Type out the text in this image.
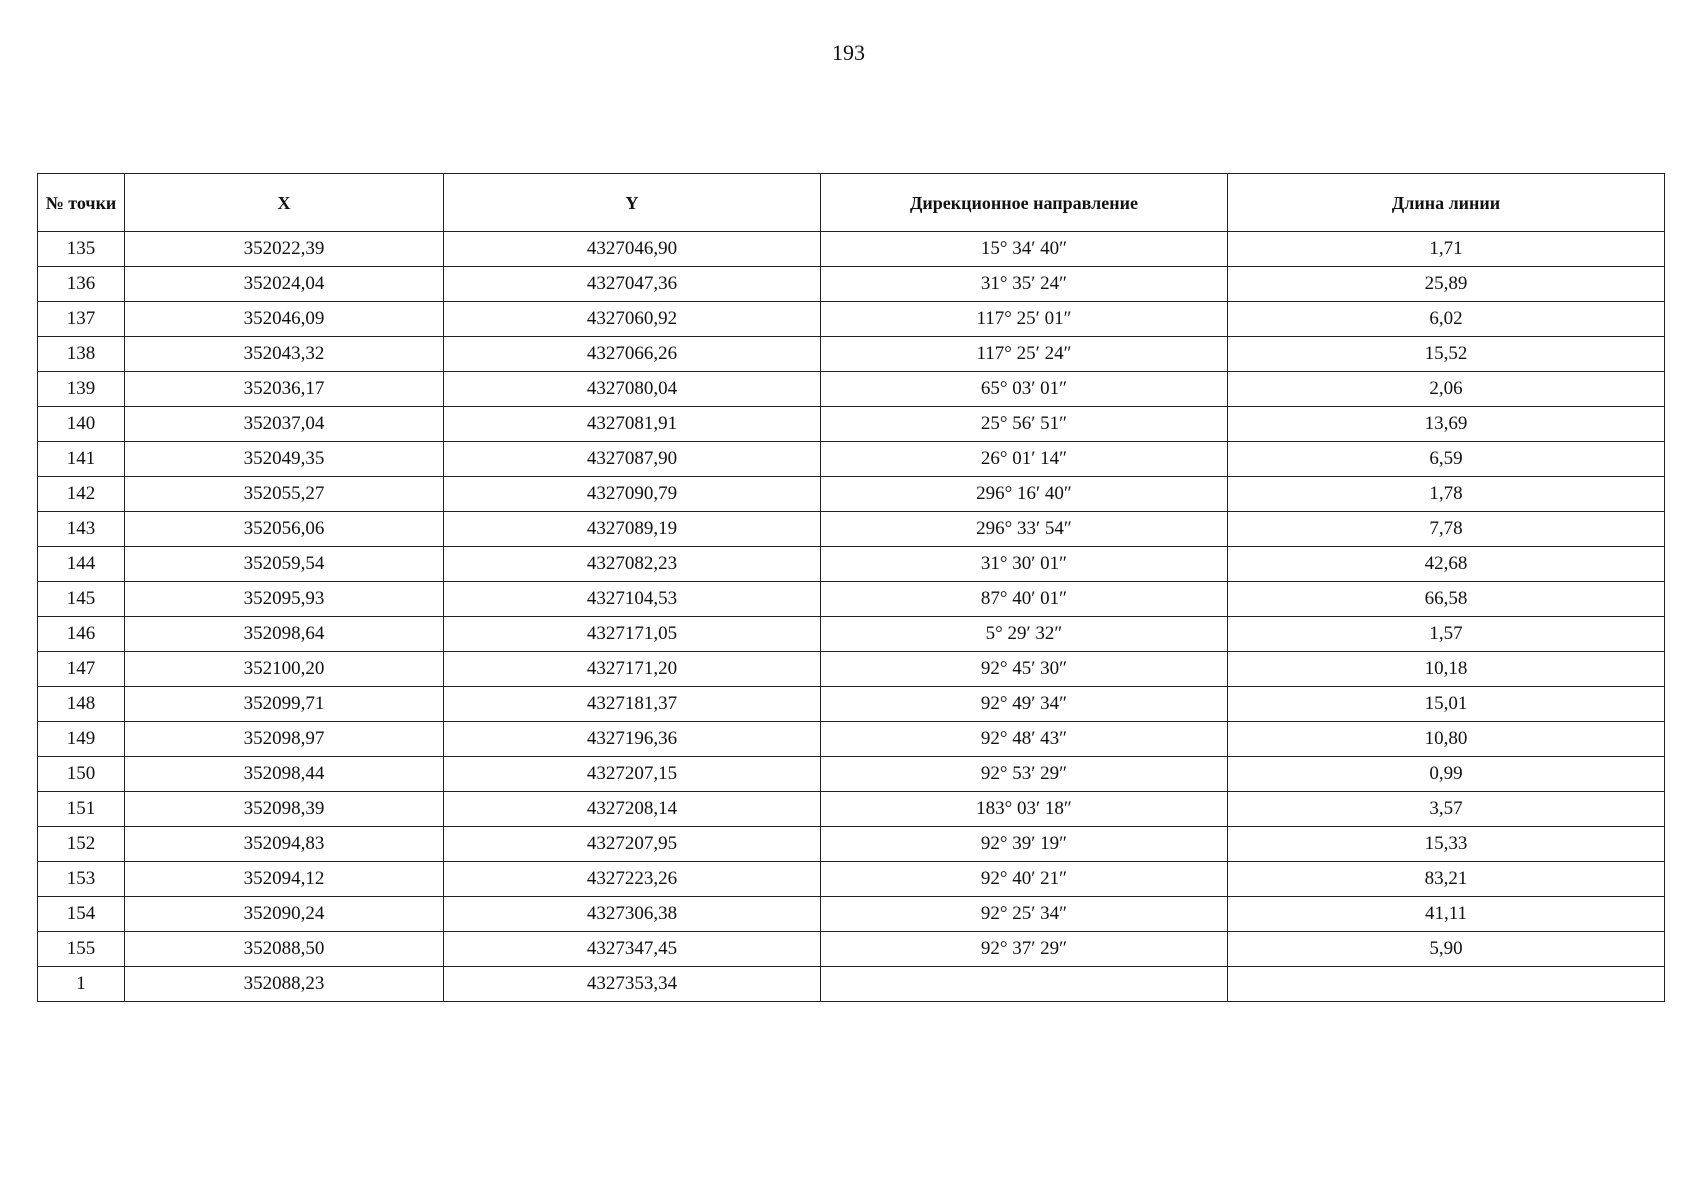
193
№ точки	X	Y	Дирекционное направление	Длина линии
135	352022,39	4327046,90	15° 34′ 40″	1,71
136	352024,04	4327047,36	31° 35′ 24″	25,89
137	352046,09	4327060,92	117° 25′ 01″	6,02
138	352043,32	4327066,26	117° 25′ 24″	15,52
139	352036,17	4327080,04	65° 03′ 01″	2,06
140	352037,04	4327081,91	25° 56′ 51″	13,69
141	352049,35	4327087,90	26° 01′ 14″	6,59
142	352055,27	4327090,79	296° 16′ 40″	1,78
143	352056,06	4327089,19	296° 33′ 54″	7,78
144	352059,54	4327082,23	31° 30′ 01″	42,68
145	352095,93	4327104,53	87° 40′ 01″	66,58
146	352098,64	4327171,05	5° 29′ 32″	1,57
147	352100,20	4327171,20	92° 45′ 30″	10,18
148	352099,71	4327181,37	92° 49′ 34″	15,01
149	352098,97	4327196,36	92° 48′ 43″	10,80
150	352098,44	4327207,15	92° 53′ 29″	0,99
151	352098,39	4327208,14	183° 03′ 18″	3,57
152	352094,83	4327207,95	92° 39′ 19″	15,33
153	352094,12	4327223,26	92° 40′ 21″	83,21
154	352090,24	4327306,38	92° 25′ 34″	41,11
155	352088,50	4327347,45	92° 37′ 29″	5,90
1	352088,23	4327353,34		
